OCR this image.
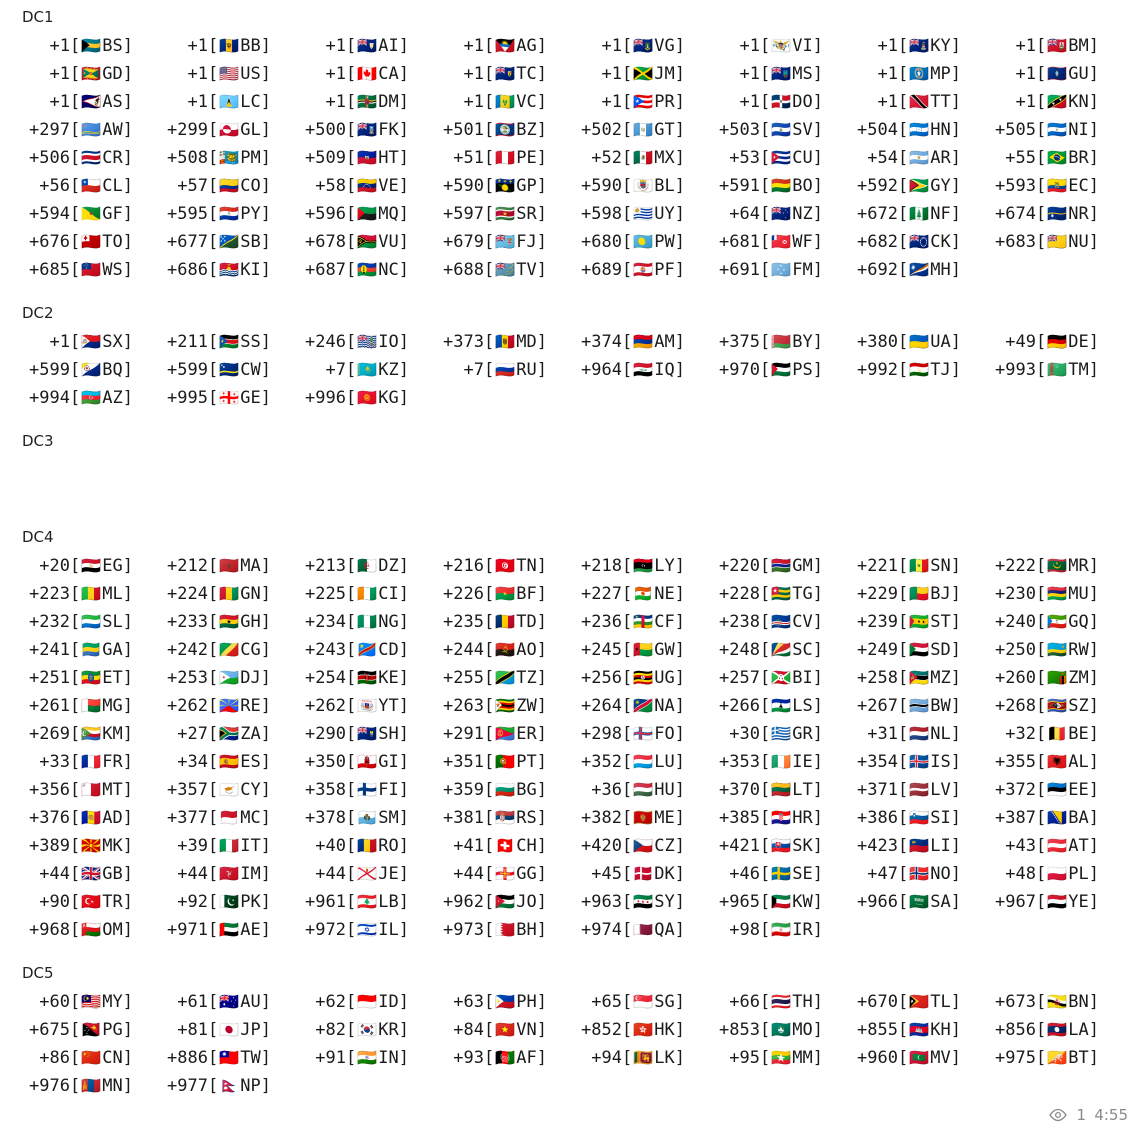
DC1
+1[🇧🇸BS]	+1[🇧🇧BB]	+1[🇦🇮AI]	+1[🇦🇬AG]	+1[🇻🇬VG]	+1[🇻🇮VI]	+1[🇰🇾KY]	+1[🇧🇲BM]
+1[🇬🇩GD]	+1[🇺🇸US]	+1[🇨🇦CA]	+1[🇹🇨TC]	+1[🇯🇲JM]	+1[🇲🇸MS]	+1[🇲🇵MP]	+1[🇬🇺GU]
+1[🇦🇸AS]	+1[🇱🇨LC]	+1[🇩🇲DM]	+1[🇻🇨VC]	+1[🇵🇷PR]	+1[🇩🇴DO]	+1[🇹🇹TT]	+1[🇰🇳KN]
+297[🇦🇼AW]	+299[🇬🇱GL]	+500[🇫🇰FK]	+501[🇧🇿BZ]	+502[🇬🇹GT]	+503[🇸🇻SV]	+504[🇭🇳HN]	+505[🇳🇮NI]
+506[🇨🇷CR]	+508[🇵🇲PM]	+509[🇭🇹HT]	+51[🇵🇪PE]	+52[🇲🇽MX]	+53[🇨🇺CU]	+54[🇦🇷AR]	+55[🇧🇷BR]
+56[🇨🇱CL]	+57[🇨🇴CO]	+58[🇻🇪VE]	+590[🇬🇵GP]	+590[🇧🇱BL]	+591[🇧🇴BO]	+592[🇬🇾GY]	+593[🇪🇨EC]
+594[🇬🇫GF]	+595[🇵🇾PY]	+596[🇲🇶MQ]	+597[🇸🇷SR]	+598[🇺🇾UY]	+64[🇳🇿NZ]	+672[🇳🇫NF]	+674[🇳🇷NR]
+676[🇹🇴TO]	+677[🇸🇧SB]	+678[🇻🇺VU]	+679[🇫🇯FJ]	+680[🇵🇼PW]	+681[🇼🇫WF]	+682[🇨🇰CK]	+683[🇳🇺NU]
+685[🇼🇸WS]	+686[🇰🇮KI]	+687[🇳🇨NC]	+688[🇹🇻TV]	+689[🇵🇫PF]	+691[🇫🇲FM]	+692[🇲🇭MH]
DC2
+1[🇸🇽SX]	+211[🇸🇸SS]	+246[🇮🇴IO]	+373[🇲🇩MD]	+374[🇦🇲AM]	+375[🇧🇾BY]	+380[🇺🇦UA]	+49[🇩🇪DE]
+599[🇧🇶BQ]	+599[🇨🇼CW]	+7[🇰🇿KZ]	+7[🇷🇺RU]	+964[🇮🇶IQ]	+970[🇵🇸PS]	+992[🇹🇯TJ]	+993[🇹🇲TM]
+994[🇦🇿AZ]	+995[🇬🇪GE]	+996[🇰🇬KG]
DC3
DC4
+20[🇪🇬EG]	+212[🇲🇦MA]	+213[🇩🇿DZ]	+216[🇹🇳TN]	+218[🇱🇾LY]	+220[🇬🇲GM]	+221[🇸🇳SN]	+222[🇲🇷MR]
+223[🇲🇱ML]	+224[🇬🇳GN]	+225[🇨🇮CI]	+226[🇧🇫BF]	+227[🇳🇪NE]	+228[🇹🇬TG]	+229[🇧🇯BJ]	+230[🇲🇺MU]
+232[🇸🇱SL]	+233[🇬🇭GH]	+234[🇳🇬NG]	+235[🇹🇩TD]	+236[🇨🇫CF]	+238[🇨🇻CV]	+239[🇸🇹ST]	+240[🇬🇶GQ]
+241[🇬🇦GA]	+242[🇨🇬CG]	+243[🇨🇩CD]	+244[🇦🇴AO]	+245[🇬🇼GW]	+248[🇸🇨SC]	+249[🇸🇩SD]	+250[🇷🇼RW]
+251[🇪🇹ET]	+253[🇩🇯DJ]	+254[🇰🇪KE]	+255[🇹🇿TZ]	+256[🇺🇬UG]	+257[🇧🇮BI]	+258[🇲🇿MZ]	+260[🇿🇲ZM]
+261[🇲🇬MG]	+262[🇷🇪RE]	+262[🇾🇹YT]	+263[🇿🇼ZW]	+264[🇳🇦NA]	+266[🇱🇸LS]	+267[🇧🇼BW]	+268[🇸🇿SZ]
+269[🇰🇲KM]	+27[🇿🇦ZA]	+290[🇸🇭SH]	+291[🇪🇷ER]	+298[🇫🇴FO]	+30[🇬🇷GR]	+31[🇳🇱NL]	+32[🇧🇪BE]
+33[🇫🇷FR]	+34[🇪🇸ES]	+350[🇬🇮GI]	+351[🇵🇹PT]	+352[🇱🇺LU]	+353[🇮🇪IE]	+354[🇮🇸IS]	+355[🇦🇱AL]
+356[🇲🇹MT]	+357[🇨🇾CY]	+358[🇫🇮FI]	+359[🇧🇬BG]	+36[🇭🇺HU]	+370[🇱🇹LT]	+371[🇱🇻LV]	+372[🇪🇪EE]
+376[🇦🇩AD]	+377[🇲🇨MC]	+378[🇸🇲SM]	+381[🇷🇸RS]	+382[🇲🇪ME]	+385[🇭🇷HR]	+386[🇸🇮SI]	+387[🇧🇦BA]
+389[🇲🇰MK]	+39[🇮🇹IT]	+40[🇷🇴RO]	+41[🇨🇭CH]	+420[🇨🇿CZ]	+421[🇸🇰SK]	+423[🇱🇮LI]	+43[🇦🇹AT]
+44[🇬🇧GB]	+44[🇮🇲IM]	+44[🇯🇪JE]	+44[🇬🇬GG]	+45[🇩🇰DK]	+46[🇸🇪SE]	+47[🇳🇴NO]	+48[🇵🇱PL]
+90[🇹🇷TR]	+92[🇵🇰PK]	+961[🇱🇧LB]	+962[🇯🇴JO]	+963[🇸🇾SY]	+965[🇰🇼KW]	+966[🇸🇦SA]	+967[🇾🇪YE]
+968[🇴🇲OM]	+971[🇦🇪AE]	+972[🇮🇱IL]	+973[🇧🇭BH]	+974[🇶🇦QA]	+98[🇮🇷IR]
DC5
+60[🇲🇾MY]	+61[🇦🇺AU]	+62[🇮🇩ID]	+63[🇵🇭PH]	+65[🇸🇬SG]	+66[🇹🇭TH]	+670[🇹🇱TL]	+673[🇧🇳BN]
+675[🇵🇬PG]	+81[🇯🇵JP]	+82[🇰🇷KR]	+84[🇻🇳VN]	+852[🇭🇰HK]	+853[🇲🇴MO]	+855[🇰🇭KH]	+856[🇱🇦LA]
+86[🇨🇳CN]	+886[🇹🇼TW]	+91[🇮🇳IN]	+93[🇦🇫AF]	+94[🇱🇰LK]	+95[🇲🇲MM]	+960[🇲🇻MV]	+975[🇧🇹BT]
+976[🇲🇳MN]	+977[🇳🇵NP]
1 4:55
